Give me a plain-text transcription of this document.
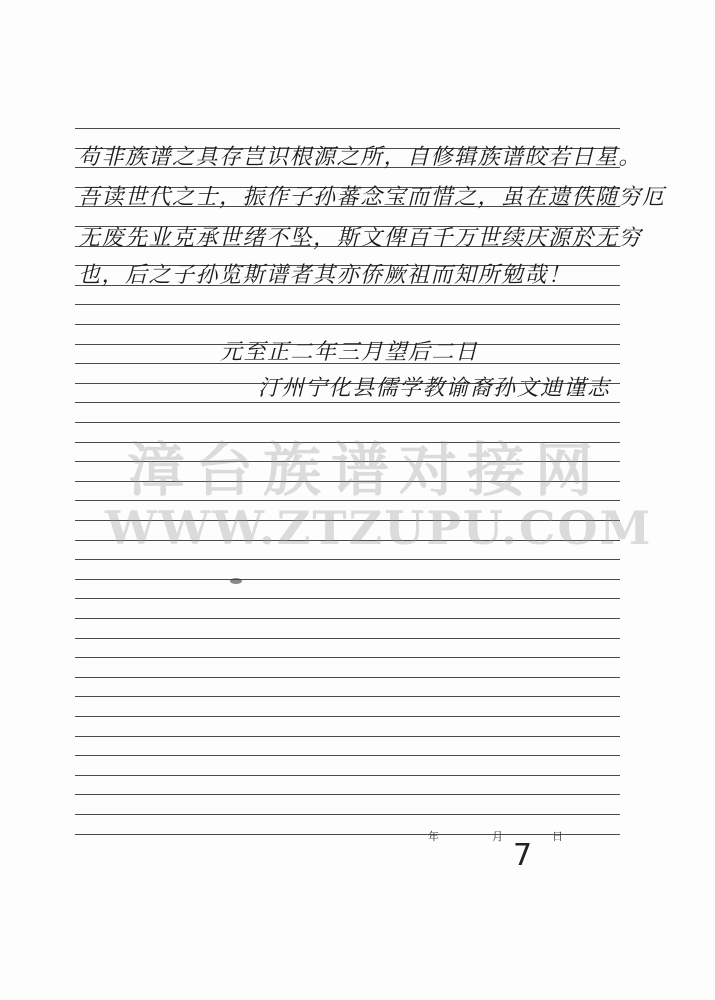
苟非族谱之具存岂识根源之所，自修辑族谱皎若日星。
吾读世代之士，振作子孙蕃念宝而惜之，虽在遗佚随穷厄
无废先业克承世绪不坠，斯文俾百千万世续庆源於无穷
也，后之子孙览斯谱者其亦侨厥祖而知所勉哉！
元至正二年三月望后二日
汀州宁化县儒学教谕裔孙文迪谨志
漳台族谱对接网
WWW.ZTZUPU.COM
年	月	日
7
